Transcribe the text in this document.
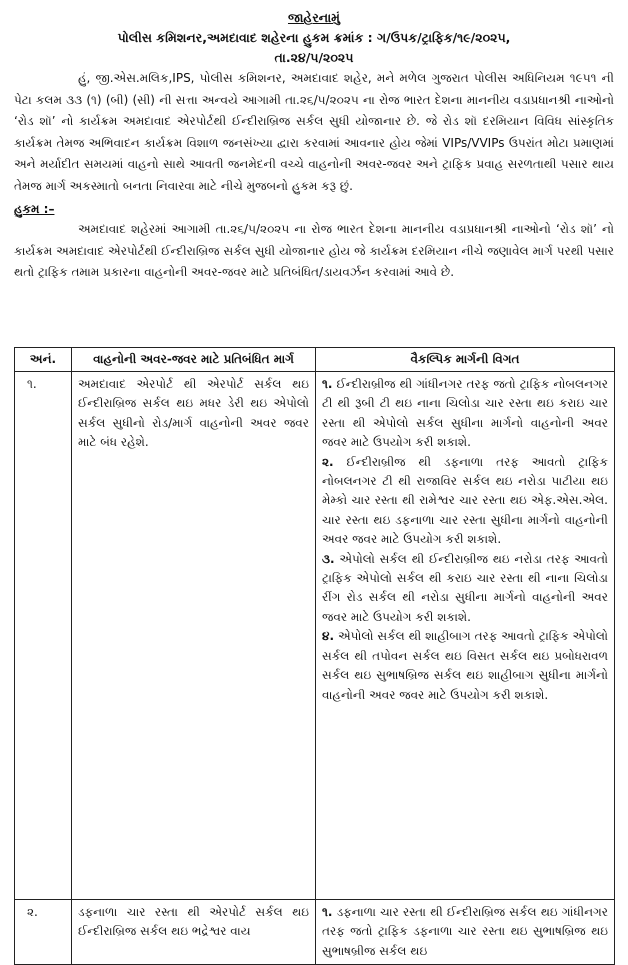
જાહેરનામું
પોલીસ કમિશનર,અમદાવાદ શહેરના હુકમ ક્રમાંક : ગ/ઉપક/ટ્રાફિક/૧૯/૨૦૨૫,
તા.૨૪/૫/૨૦૨૫

હું, જી.એસ.મલિક,IPS, પોલીસ કમિશનર, અમદાવાદ શહેર, મને મળેલ ગુજરાત પોલીસ અધિનિયમ ૧૯૫૧ ની પેટા કલમ ૩૩ (૧) (બી) (સી) ની સત્તા અન્વયે આગામી તા.૨૬/૫/૨૦૨૫ ના રોજ ભારત દેશના માનનીય વડાપ્રધાનશ્રી નાઓનો ‘રોડ શૉ’ નો કાર્યક્રમ અમદાવાદ એરપોર્ટથી ઈન્દીરાબ્રિજ સર્કલ સુધી યોજાનાર છે. જે રોડ શૉ દરમિયાન વિવિધ સાંસ્કૃતિક કાર્યક્રમ તેમજ અભિવાદન કાર્યક્રમ વિશાળ જનસંખ્યા દ્વારા કરવામાં આવનાર હોય જેમાં VIPs/VVIPs ઉપરાંત મોટા પ્રમાણમાં અને મર્યાદીત સમયમાં વાહનો સાથે આવતી જનમેદની વચ્ચે વાહનોની અવર-જવર અને ટ્રાફિક પ્રવાહ સરળતાથી પસાર થાય તેમજ માર્ગ અકસ્માતો બનતા નિવારવા માટે નીચે મુજબનો હુકમ કરૂ છું.

હુકમ :–

અમદાવાદ શહેરમાં આગામી તા.૨૬/૫/૨૦૨૫ ના રોજ ભારત દેશના માનનીય વડાપ્રધાનશ્રી નાઓનો ‘રોડ શૉ’ નો કાર્યક્રમ અમદાવાદ એરપોર્ટથી ઈન્દીરાબ્રિજ સર્કલ સુધી યોજાનાર હોય જે કાર્યક્રમ દરમિયાન નીચે જણાવેલ માર્ગ પરથી પસાર થતો ટ્રાફિક તમામ પ્રકારના વાહનોની અવર-જવર માટે પ્રતિબંધિત/ડાયવર્ઝન કરવામાં આવે છે.

અનં.	વાહનોની અવર-જવર માટે પ્રતિબંધિત માર્ગ	વૈકલ્પિક માર્ગની વિગત
૧.	અમદાવાદ એરપોર્ટ થી એરપોર્ટ સર્કલ થઇ ઈન્દીરાબ્રિજ સર્કલ થઇ મધર ડેરી થઇ એપોલો સર્કલ સુધીનો રોડ/માર્ગ વાહનોની અવર જવર માટે બંધ રહેશે.	૧. ઈન્દીરાબ્રીજ થી ગાંધીનગર તરફ જતો ટ્રાફિક નોબલનગર ટી થી રૂબી ટી થઇ નાના ચિલોડા ચાર રસ્તા થઇ કરાઇ ચાર રસ્તા થી એપોલો સર્કલ સુધીના માર્ગનો વાહનોની અવર જવર માટે ઉપયોગ કરી શકાશે.

૨. ઈન્દીરાબ્રીજ થી ડફનાળા તરફ આવતો ટ્રાફિક નોબલનગર ટી થી રાજાવિર સર્કલ થઇ નરોડા પાટીયા થઇ મેમ્કો ચાર રસ્તા થી રામેશ્વર ચાર રસ્તા થઇ એફ.એસ.એલ. ચાર રસ્તા થઇ ડફનાળા ચાર રસ્તા સુધીના માર્ગનો વાહનોની અવર જવર માટે ઉપયોગ કરી શકાશે.

૩. એપોલો સર્કલ થી ઈન્દીરાબ્રીજ થઇ નરોડા તરફ આવતો ટ્રાફિક એપોલો સર્કલ થી કરાઇ ચાર રસ્તા થી નાના ચિલોડા રીંગ રોડ સર્કલ થી નરોડા સુધીના માર્ગનો વાહનોની અવર જવર માટે ઉપયોગ કરી શકાશે.

૪. એપોલો સર્કલ થી શાહીબાગ તરફ આવતો ટ્રાફિક એપોલો સર્કલ થી તપોવન સર્કલ થઇ વિસત સર્કલ થઇ પ્રબોધરાવળ સર્કલ થઇ સુભાષબ્રિજ સર્કલ થઇ શાહીબાગ સુધીના માર્ગનો વાહનોની અવર જવર માટે ઉપયોગ કરી શકાશે.

૨.	ડફનાળા ચાર રસ્તા થી એરપોર્ટ સર્કલ થઇ ઈન્દીરાબ્રિજ સર્કલ થઇ ભદ્રેશ્વર વાય	૧. ડફનાળા ચાર રસ્તા થી ઈન્દીરાબ્રિજ સર્કલ થઇ ગાંધીનગર તરફ જતો ટ્રાફિક ડફનાળા ચાર રસ્તા થઇ સુભાષબ્રિજ થઇ સુભાષબ્રીજ સર્કલ થઇ
